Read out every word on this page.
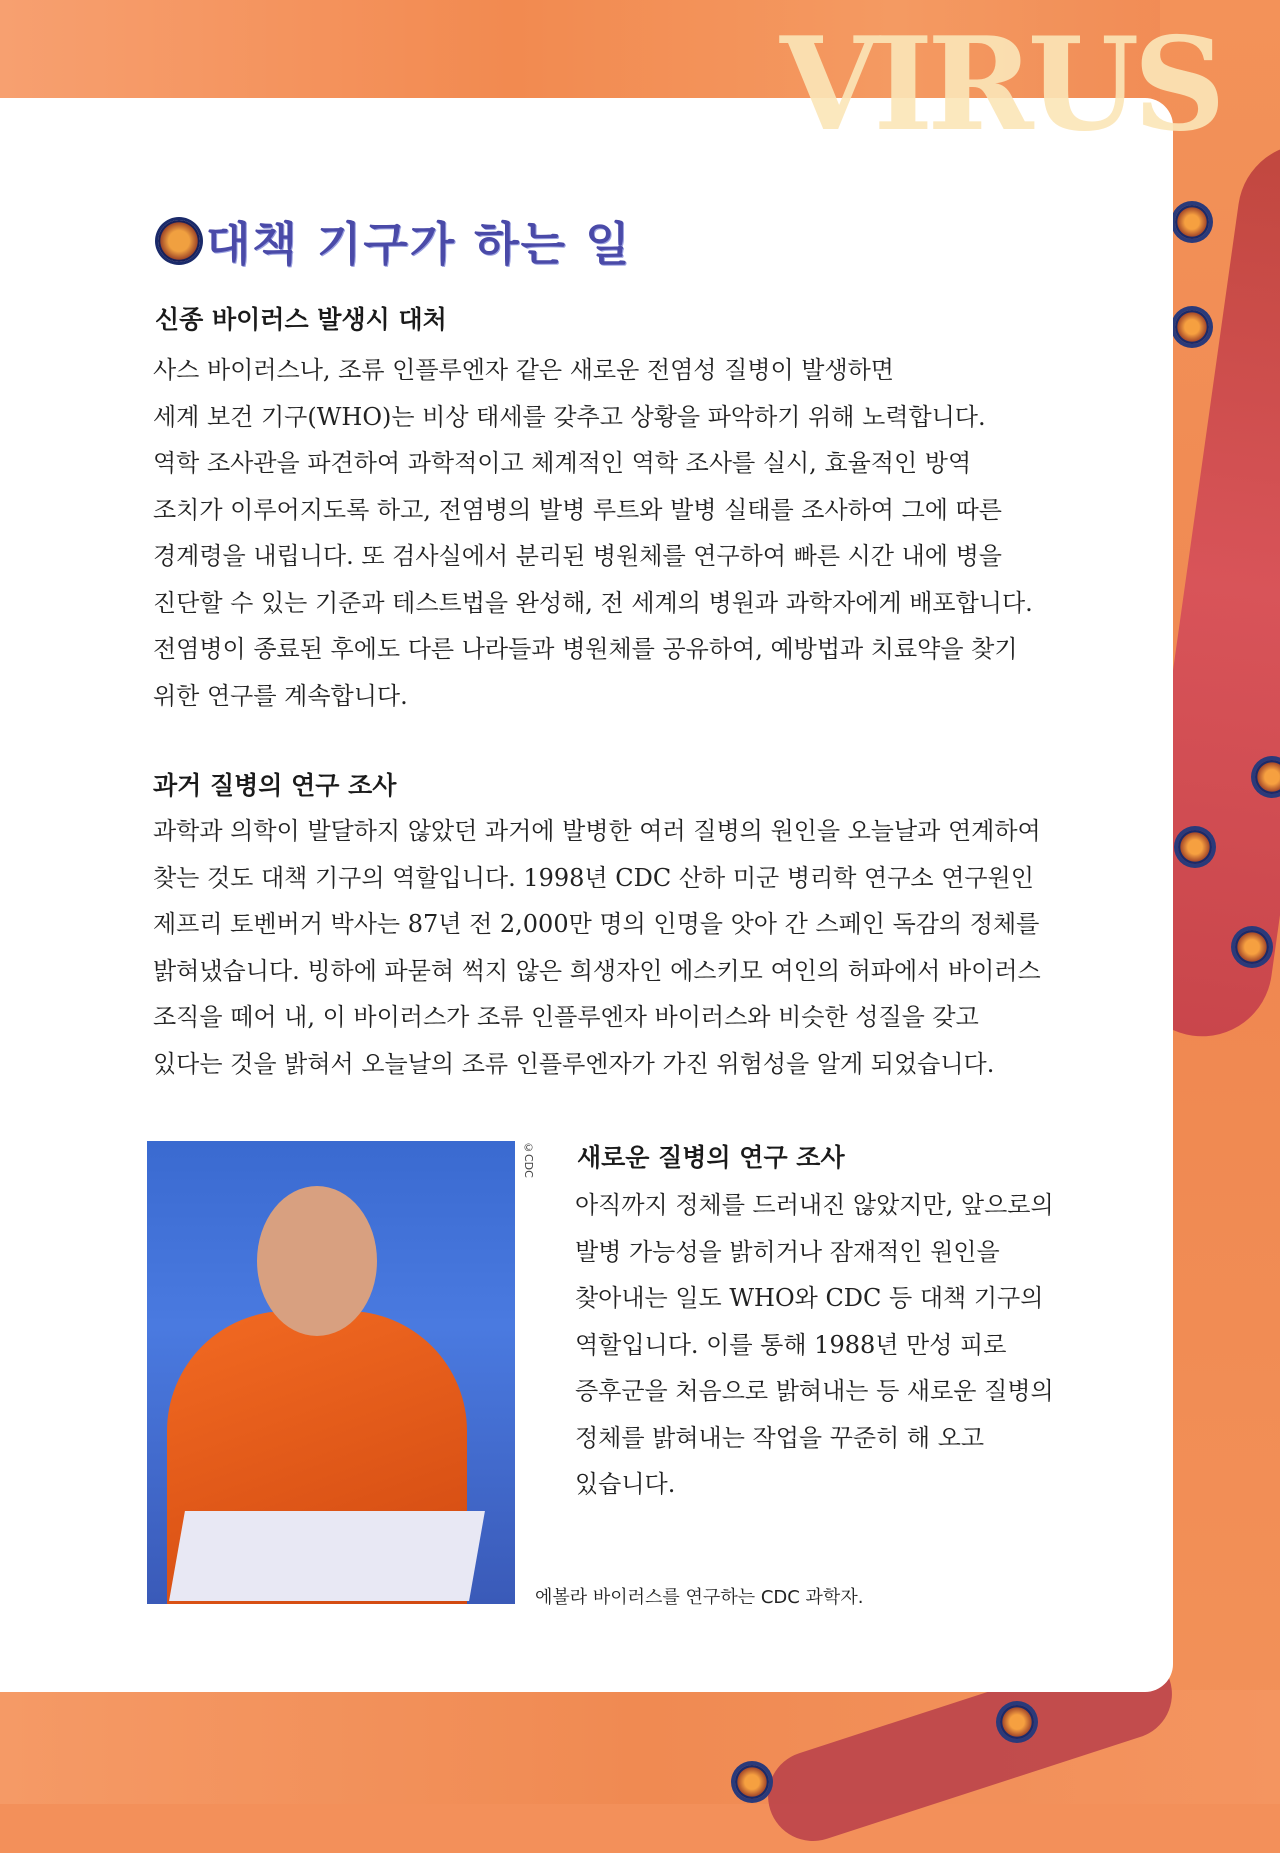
VIRUS
대책 기구가 하는 일
신종 바이러스 발생시 대처
사스 바이러스나, 조류 인플루엔자 같은 새로운 전염성 질병이 발생하면
세계 보건 기구(WHO)는 비상 태세를 갖추고 상황을 파악하기 위해 노력합니다.
역학 조사관을 파견하여 과학적이고 체계적인 역학 조사를 실시, 효율적인 방역
조치가 이루어지도록 하고, 전염병의 발병 루트와 발병 실태를 조사하여 그에 따른
경계령을 내립니다. 또 검사실에서 분리된 병원체를 연구하여 빠른 시간 내에 병을
진단할 수 있는 기준과 테스트법을 완성해, 전 세계의 병원과 과학자에게 배포합니다.
전염병이 종료된 후에도 다른 나라들과 병원체를 공유하여, 예방법과 치료약을 찾기
위한 연구를 계속합니다.
과거 질병의 연구 조사
과학과 의학이 발달하지 않았던 과거에 발병한 여러 질병의 원인을 오늘날과 연계하여
찾는 것도 대책 기구의 역할입니다. 1998년 CDC 산하 미군 병리학 연구소 연구원인
제프리 토벤버거 박사는 87년 전 2,000만 명의 인명을 앗아 간 스페인 독감의 정체를
밝혀냈습니다. 빙하에 파묻혀 썩지 않은 희생자인 에스키모 여인의 허파에서 바이러스
조직을 떼어 내, 이 바이러스가 조류 인플루엔자 바이러스와 비슷한 성질을 갖고
있다는 것을 밝혀서 오늘날의 조류 인플루엔자가 가진 위험성을 알게 되었습니다.
©CDC 새로운 질병의 연구 조사
아직까지 정체를 드러내진 않았지만, 앞으로의
발병 가능성을 밝히거나 잠재적인 원인을
찾아내는 일도 WHO와 CDC 등 대책 기구의
역할입니다. 이를 통해 1988년 만성 피로
증후군을 처음으로 밝혀내는 등 새로운 질병의
정체를 밝혀내는 작업을 꾸준히 해 오고
있습니다.
에볼라 바이러스를 연구하는 CDC 과학자.
